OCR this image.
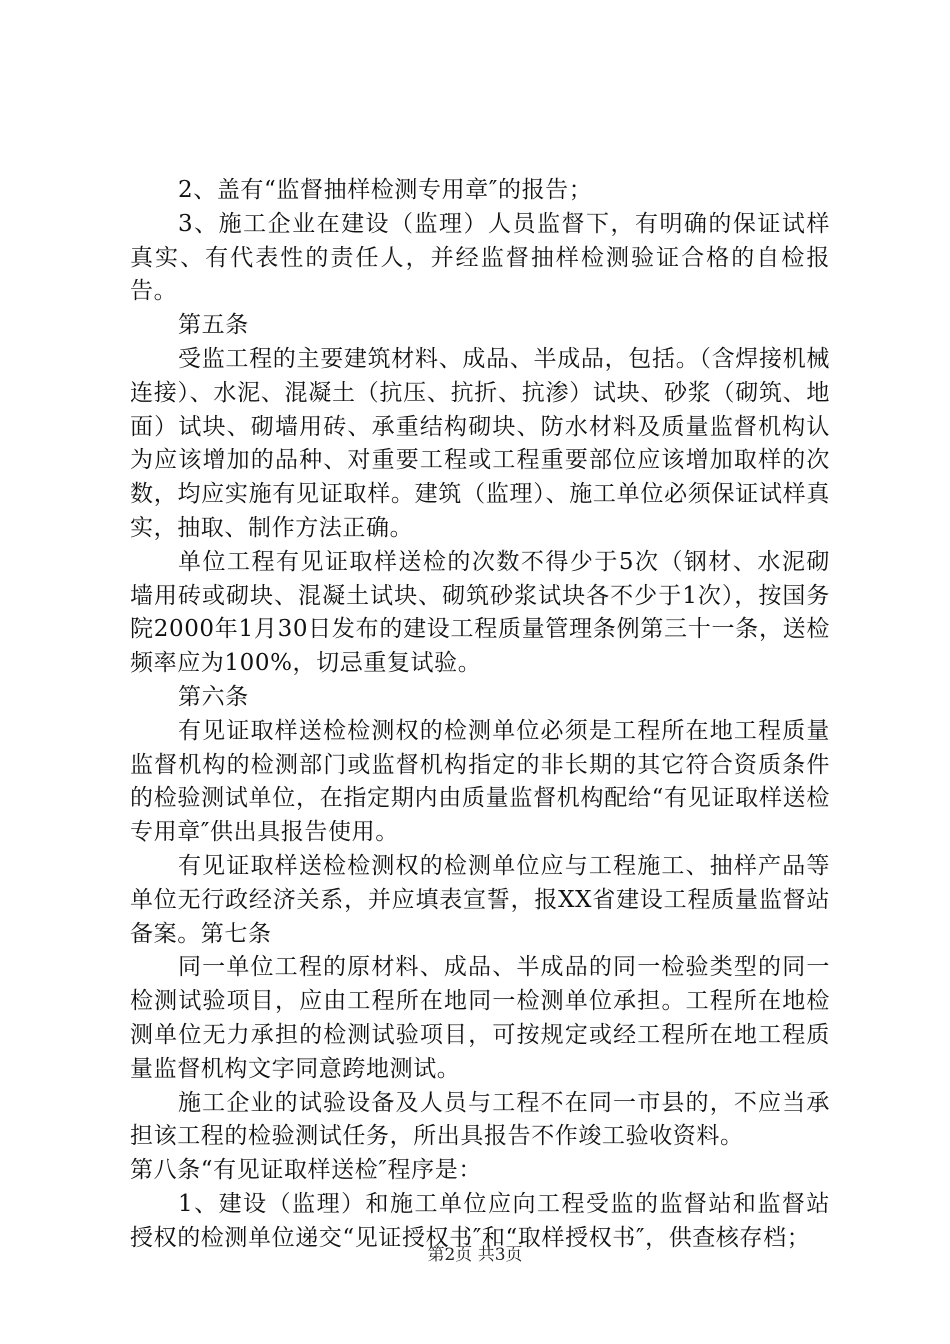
2、盖有“监督抽样检测专用章″的报告；

3、施工企业在建设（监理）人员监督下，有明确的保证试样真实、有代表性的责任人，并经监督抽样检测验证合格的自检报告。

第五条

受监工程的主要建筑材料、成品、半成品，包括。（含焊接机械连接）、水泥、混凝土（抗压、抗折、抗渗）试块、砂浆（砌筑、地面）试块、砌墙用砖、承重结构砌块、防水材料及质量监督机构认为应该增加的品种、对重要工程或工程重要部位应该增加取样的次数，均应实施有见证取样。建筑（监理）、施工单位必须保证试样真实，抽取、制作方法正确。

单位工程有见证取样送检的次数不得少于5次（钢材、水泥砌墙用砖或砌块、混凝土试块、砌筑砂浆试块各不少于1次），按国务院2000年1月30日发布的建设工程质量管理条例第三十一条，送检频率应为100%，切忌重复试验。

第六条

有见证取样送检检测权的检测单位必须是工程所在地工程质量监督机构的检测部门或监督机构指定的非长期的其它符合资质条件的检验测试单位，在指定期内由质量监督机构配给“有见证取样送检专用章″供出具报告使用。

有见证取样送检检测权的检测单位应与工程施工、抽样产品等单位无行政经济关系，并应填表宣誓，报XX省建设工程质量监督站备案。第七条

同一单位工程的原材料、成品、半成品的同一检验类型的同一检测试验项目，应由工程所在地同一检测单位承担。工程所在地检测单位无力承担的检测试验项目，可按规定或经工程所在地工程质量监督机构文字同意跨地测试。

施工企业的试验设备及人员与工程不在同一市县的，不应当承担该工程的检验测试任务，所出具报告不作竣工验收资料。

第八条“有见证取样送检″程序是：

1、建设（监理）和施工单位应向工程受监的监督站和监督站授权的检测单位递交“见证授权书″和“取样授权书″，供查核存档；

第2页 共3页
